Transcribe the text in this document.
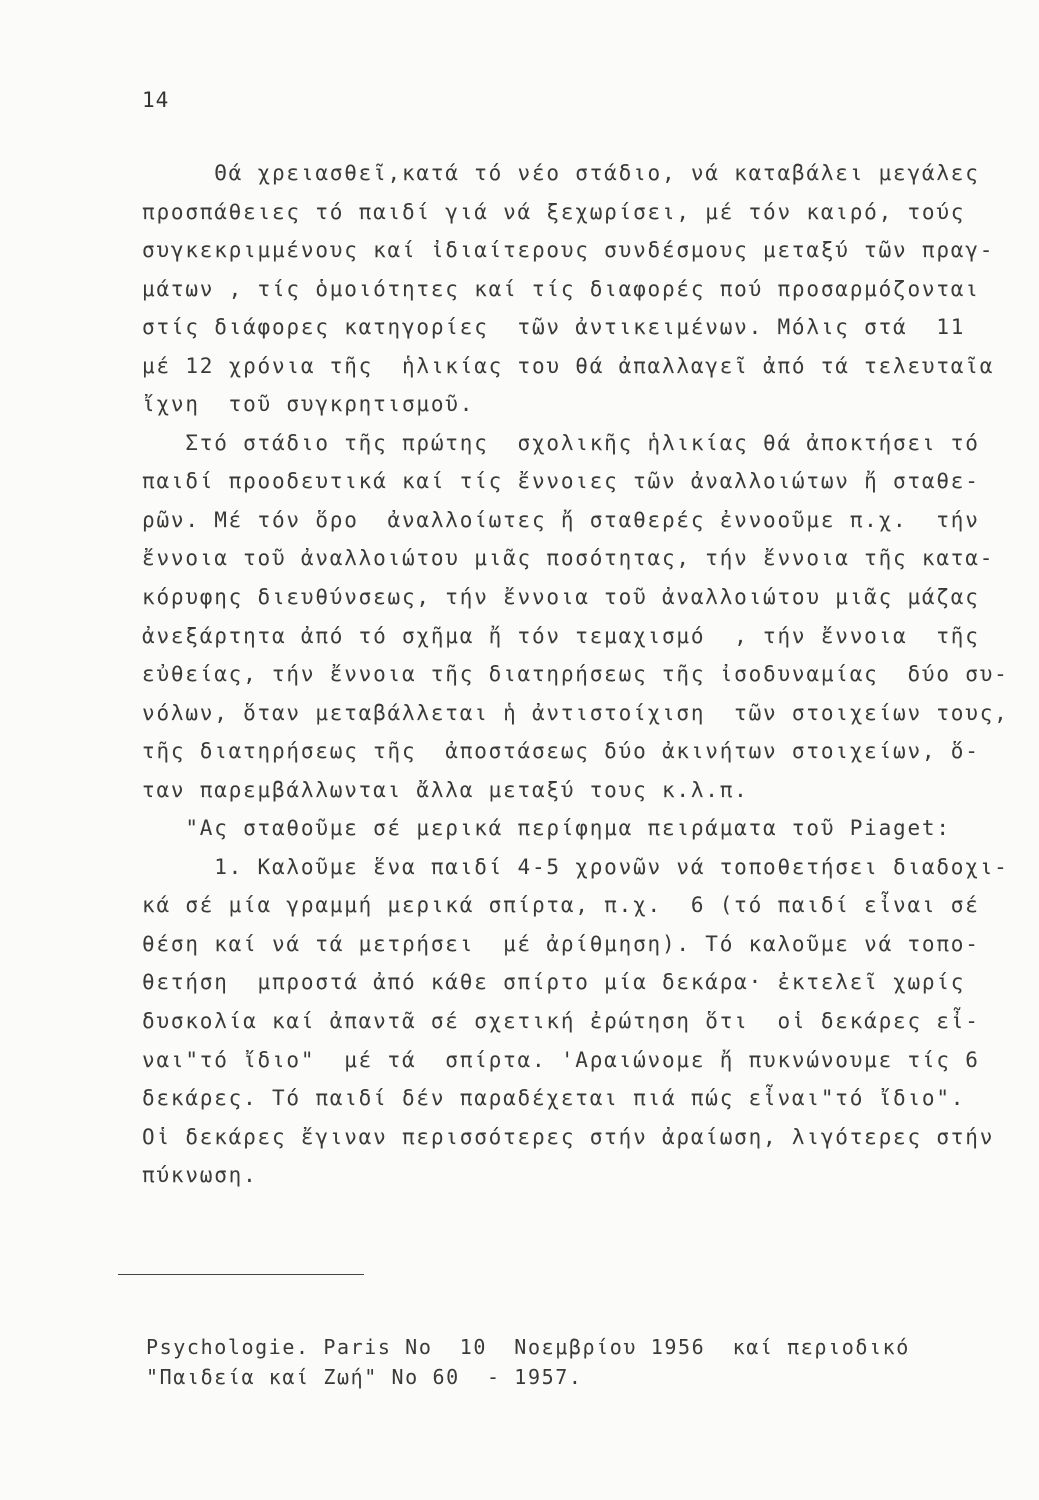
14

Θά χρειασθεῖ,κατά τό νέο στάδιο, νά καταβάλει μεγάλες

προσπάθειες τό παιδί γιά νά ξεχωρίσει, μέ τόν καιρό, τούς

συγκεκριμμένους καί ἰδιαίτερους συνδέσμους μεταξύ τῶν πραγ-

μάτων , τίς ὁμοιότητες καί τίς διαφορές πού προσαρμόζονται

στίς διάφορες κατηγορίες  τῶν ἀντικειμένων. Μόλις στά  11

μέ 12 χρόνια τῆς  ἡλικίας του θά ἀπαλλαγεῖ ἀπό τά τελευταῖα

ἴχνη  τοῦ συγκρητισμοῦ.

Στό στάδιο τῆς πρώτης  σχολικῆς ἡλικίας θά ἀποκτήσει τό

παιδί προοδευτικά καί τίς ἔννοιες τῶν ἀναλλοιώτων ἤ σταθε-

ρῶν. Μέ τόν ὅρο  ἀναλλοίωτες ἤ σταθερές ἐννοοῦμε π.χ.  τήν

ἔννοια τοῦ ἀναλλοιώτου μιᾶς ποσότητας, τήν ἔννοια τῆς κατα-

κόρυφης διευθύνσεως, τήν ἔννοια τοῦ ἀναλλοιώτου μιᾶς μάζας

ἀνεξάρτητα ἀπό τό σχῆμα ἤ τόν τεμαχισμό  , τήν ἔννοια  τῆς

εὐθείας, τήν ἔννοια τῆς διατηρήσεως τῆς ἰσοδυναμίας  δύο συ-

νόλων, ὅταν μεταβάλλεται ἡ ἀντιστοίχιση  τῶν στοιχείων τους,

τῆς διατηρήσεως τῆς  ἀποστάσεως δύο ἀκινήτων στοιχείων, ὅ-

ταν παρεμβάλλωνται ἄλλα μεταξύ τους κ.λ.π.

"Ας σταθοῦμε σέ μερικά περίφημα πειράματα τοῦ Piaget:

1. Καλοῦμε ἕνα παιδί 4-5 χρονῶν νά τοποθετήσει διαδοχι-

κά σέ μία γραμμή μερικά σπίρτα, π.χ.  6 (τό παιδί εἶναι σέ

θέση καί νά τά μετρήσει  μέ ἀρίθμηση). Τό καλοῦμε νά τοπο-

θετήση  μπροστά ἀπό κάθε σπίρτο μία δεκάρα· ἐκτελεῖ χωρίς

δυσκολία καί ἀπαντᾶ σέ σχετική ἐρώτηση ὅτι  οἱ δεκάρες εἶ-

ναι"τό ἴδιο"  μέ τά  σπίρτα. 'Αραιώνομε ἤ πυκνώνουμε τίς 6

δεκάρες. Τό παιδί δέν παραδέχεται πιά πώς εἶναι"τό ἴδιο".

Οἱ δεκάρες ἔγιναν περισσότερες στήν ἀραίωση, λιγότερες στήν

πύκνωση.

Psychologie. Paris No  10  Νοεμβρίου 1956  καί περιοδικό

"Παιδεία καί Ζωή" No 60  - 1957.
